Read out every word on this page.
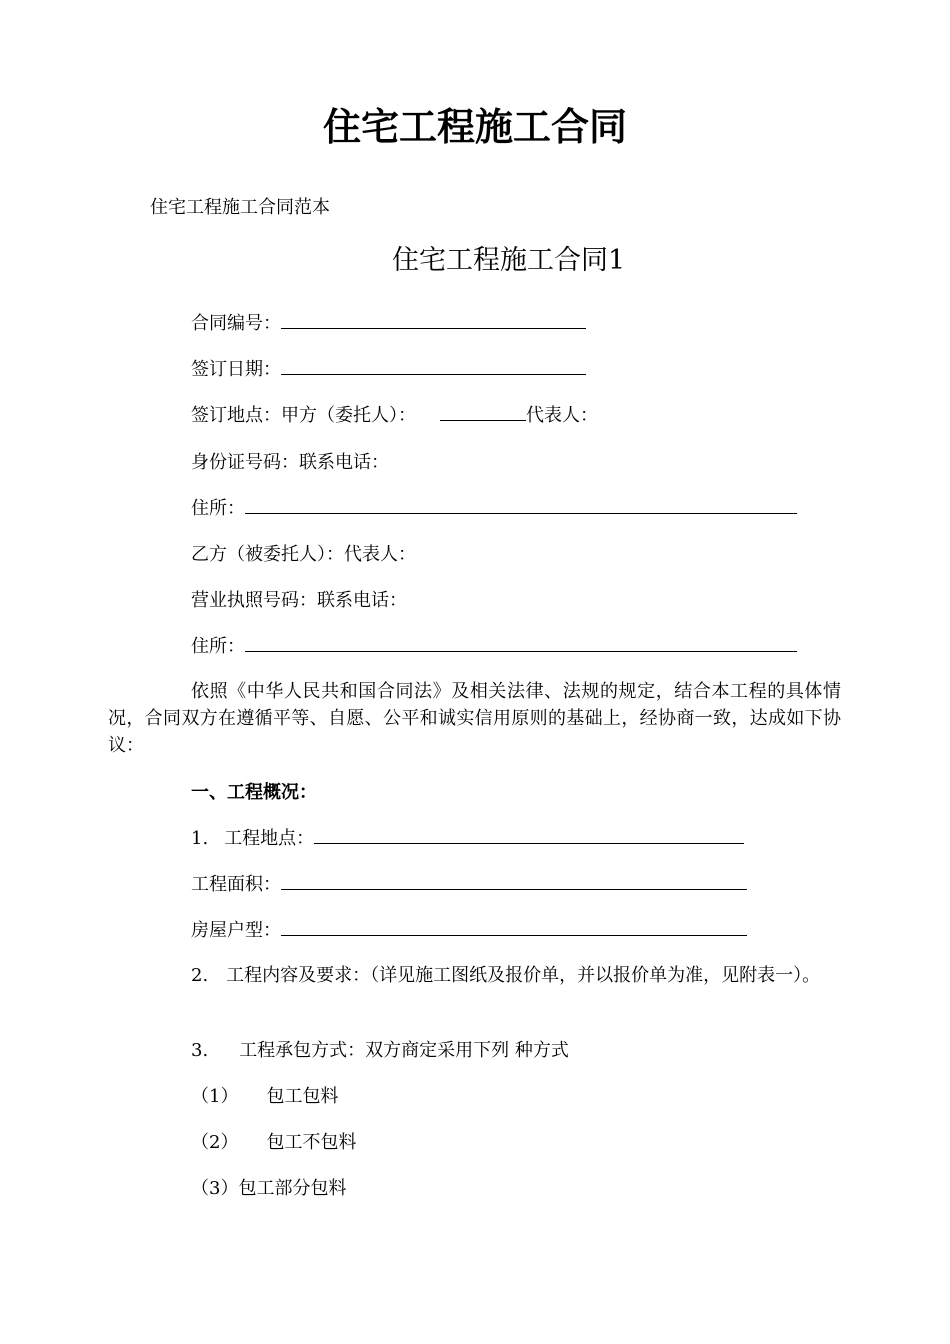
住宅工程施工合同
住宅工程施工合同范本
住宅工程施工合同1
合同编号：
签订日期：
签订地点：甲方（委托人）：	代表人：
身份证号码：联系电话：
住所：
乙方（被委托人）：代表人：
营业执照号码：联系电话：
住所：
依照《中华人民共和国合同法》及相关法律、法规的规定，结合本工程的具体情况，合同双方在遵循平等、自愿、公平和诚实信用原则的基础上，经协商一致，达成如下协议：
一、工程概况：
1. 工程地点：
工程面积：
房屋户型：
2.　工程内容及要求：（详见施工图纸及报价单，并以报价单为准，见附表一）。
3. 工程承包方式：双方商定采用下列 种方式
（1） 包工包料
（2） 包工不包料
（3）包工部分包料
